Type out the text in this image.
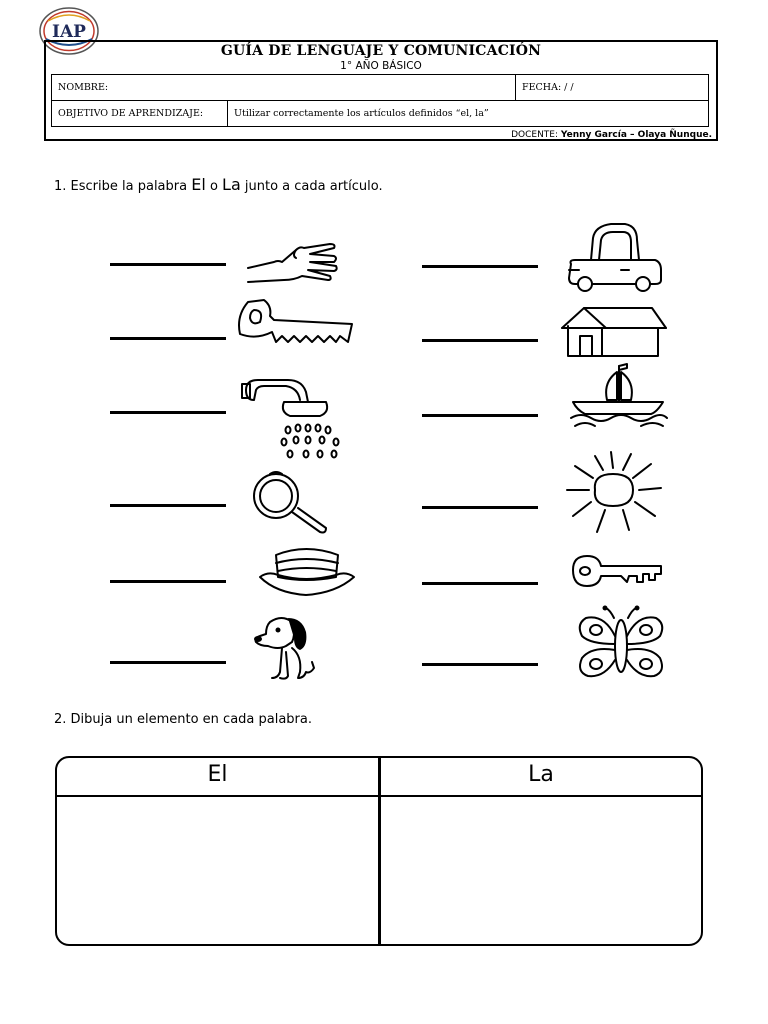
IAP
GUÍA DE LENGUAJE Y COMUNICACIÓN
1° AÑO BÁSICO
NOMBRE:		FECHA: / /
OBJETIVO DE APRENDIZAJE:	Utilizar correctamente los artículos definidos “el, la”	
DOCENTE: Yenny García – Olaya Ñunque.
1. Escribe la palabra El o La junto a cada artículo.
2. Dibuja un elemento en cada palabra.
El	La
